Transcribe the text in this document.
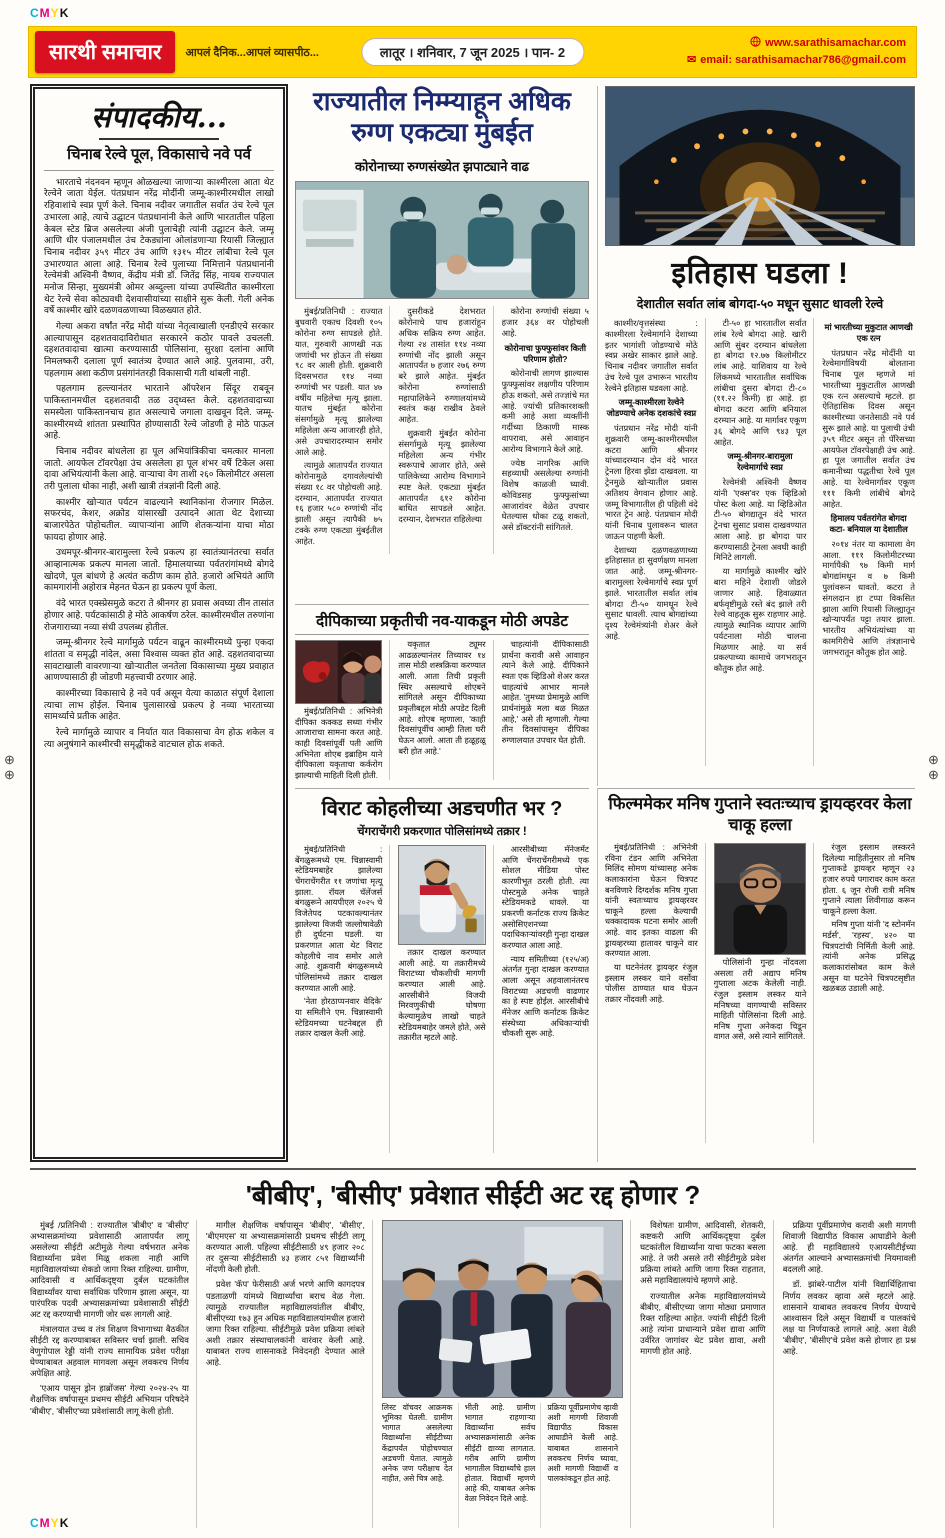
CMYK
CMYK
⊕
⊕
⊕
⊕
सारथी समाचार	आपलं दैनिक...आपलं व्यासपीठ...	लातूर । शनिवार, 7 जून 2025 । पान- 2
www.sarathisamachar.com
✉ email: sarathisamachar786@gmail.com
संपादकीय...
चिनाब रेल्वे पूल, विकासाचे नवे पर्व

भारताचे नंदनवन म्हणून ओळखल्या जाणाऱ्या काश्मीरला आता थेट रेल्वेने जाता येईल. पंतप्रधान नरेंद्र मोदींनी जम्मू-काश्मीरमधील लाखो रहिवाशांचे स्वप्न पूर्ण केले. चिनाब नदीवर जगातील सर्वात उंच रेल्वे पूल उभारला आहे, त्याचे उद्घाटन पंतप्रधानांनी केले आणि भारतातील पहिला केबल स्टेड ब्रिज असलेल्या अंजी पुलाचेही त्यांनी उद्घाटन केले. जम्मू आणि धीर पंजालमधील उंच टेकड्यांना ओलांडणाऱ्या रियासी जिल्ह्यात चिनाब नदीवर ३५९ मीटर उंच आणि १३१५ मीटर लांबीचा रेल्वे पूल उभारण्यात आला आहे. चिनाब रेल्वे पुलाच्या निमित्ताने पंतप्रधानांनी रेल्वेमंत्री अश्विनी वैष्णव, केंद्रीय मंत्री डॉ. जितेंद्र सिंह, नायब राज्यपाल मनोज सिन्हा, मुख्यमंत्री ओमर अब्दुल्ला यांच्या उपस्थितीत काश्मीरला थेट रेल्वे सेवा कोट्यवधी देशवासीयांच्या साक्षीने सुरू केली. गेली अनेक वर्षे काश्मीर खोरे दळणवळणाच्या विळख्यात होते.

गेल्या अकरा वर्षांत नरेंद्र मोदी यांच्या नेतृत्वाखाली एनडीएचे सरकार आल्यापासून दहशतवादाविरोधात सरकारने कठोर पावले उचलली. दहशतवादाचा खात्मा करण्यासाठी पोलिसांना, सुरक्षा दलांना आणि निमलष्करी दलाला पूर्ण स्वातंत्र्य देण्यात आले आहे. पुलवामा, उरी, पहलगाम अशा कठीण प्रसंगांनंतरही विकासाची गती थांबली नाही.

पहलगाम हल्ल्यानंतर भारताने ऑपरेशन सिंदूर राबवून पाकिस्तानमधील दहशतवादी तळ उद्ध्वस्त केले. दहशतवादाच्या समस्येला पाकिस्तानचाच हात असल्याचे जगाला दाखवून दिले. जम्मू-काश्मीरमध्ये शांतता प्रस्थापित होण्यासाठी रेल्वे जोडणी हे मोठे पाऊल आहे.

चिनाब नदीवर बांधलेला हा पूल अभियांत्रिकीचा चमत्कार मानला जातो. आयफेल टॉवरपेक्षा उंच असलेला हा पूल शंभर वर्षे टिकेल असा दावा अभियंत्यांनी केला आहे. वाऱ्याचा वेग ताशी २६० किलोमीटर असला तरी पुलाला धोका नाही, अशी खात्री तंत्रज्ञांनी दिली आहे.

काश्मीर खोऱ्यात पर्यटन वाढल्याने स्थानिकांना रोजगार मिळेल. सफरचंद, केशर, अक्रोड यांसारखी उत्पादने आता थेट देशाच्या बाजारपेठेत पोहोचतील. व्यापाऱ्यांना आणि शेतकऱ्यांना याचा मोठा फायदा होणार आहे.

उधमपूर-श्रीनगर-बारामुल्ला रेल्वे प्रकल्प हा स्वातंत्र्यानंतरचा सर्वात आव्हानात्मक प्रकल्प मानला जातो. हिमालयाच्या पर्वतरांगांमध्ये बोगदे खोदणे, पूल बांधणे हे अत्यंत कठीण काम होते. हजारो अभियंते आणि कामगारांनी अहोरात्र मेहनत घेऊन हा प्रकल्प पूर्ण केला.

वंदे भारत एक्स्प्रेसमुळे कटरा ते श्रीनगर हा प्रवास अवघ्या तीन तासांत होणार आहे. पर्यटकांसाठी हे मोठे आकर्षण ठरेल. काश्मीरमधील तरुणांना रोजगाराच्या नव्या संधी उपलब्ध होतील.

जम्मू-श्रीनगर रेल्वे मार्गामुळे पर्यटन वाढून काश्मीरमध्ये पुन्हा एकदा शांतता व समृद्धी नांदेल, असा विश्वास व्यक्त होत आहे. दहशतवादाच्या सावटाखाली वावरणाऱ्या खोऱ्यातील जनतेला विकासाच्या मुख्य प्रवाहात आणण्यासाठी ही जोडणी महत्त्वाची ठरणार आहे.

काश्मीरच्या विकासाचे हे नवे पर्व असून येत्या काळात संपूर्ण देशाला त्याचा लाभ होईल. चिनाब पुलासारखे प्रकल्प हे नव्या भारताच्या सामर्थ्याचे प्रतीक आहेत.

रेल्वे मार्गामुळे व्यापार व निर्यात यात विकासाचा वेग होऊ शकेल व त्या अनुषंगाने काश्मीरची समृद्धीकडे वाटचाल होऊ शकते.

राज्यातील निम्म्याहून अधिक रुग्ण एकट्या मुंबईत
कोरोनाच्या रुग्णसंख्येत झपाट्याने वाढ

मुंबई/प्रतिनिधी : राज्यात बुधवारी एकाच दिवशी १०५ कोरोना रुग्ण सापडले होते. यात, गुरुवारी आणखी नऊ जणांची भर होऊन ती संख्या ९८ वर आली होती. शुक्रवारी दिवसभरात ११४ नव्या रुग्णांची भर पडली. यात ४७ वर्षीय महिलेचा मृत्यू झाला. यातच मुंबईत कोरोना संसर्गामुळे मृत्यू झालेल्या महिलेला अन्य आजारही होते, असे उपचारादरम्यान समोर आले आहे.

त्यामुळे आतापर्यंत राज्यात कोरोनामुळे दगावलेल्यांची संख्या १८ वर पोहोचली आहे. दरम्यान, आतापर्यंत राज्यात १६ हजार ५८० रुग्णांची नोंद झाली असून त्यापैकी ७५ टक्के रुग्ण एकट्या मुंबईतील आहेत.

दुसरीकडे देशभरात कोरोनाचे पाच हजारांहून अधिक सक्रिय रुग्ण आहेत. गेल्या २४ तासांत ११४ नव्या रुग्णांची नोंद झाली असून आतापर्यंत ७ हजार २७६ रुग्ण बरे झाले आहेत. मुंबईत कोरोना रुग्णांसाठी महापालिकेने रुग्णालयांमध्ये स्वतंत्र कक्ष राखीव ठेवले आहेत.

शुक्रवारी मुंबईत कोरोना संसर्गामुळे मृत्यू झालेल्या महिलेला अन्य गंभीर स्वरूपाचे आजार होते, असे पालिकेच्या आरोग्य विभागाने स्पष्ट केले. एकट्या मुंबईत आतापर्यंत ६१२ कोरोना बाधित सापडले आहेत. दरम्यान, देशभरात राहिलेल्या

कोरोना रुग्णांची संख्या ५ हजार ३६४ वर पोहोचली आहे.

कोरोनाचा फुफ्फुसांवर किती परिणाम होतो?

कोरोनाची लागण झाल्यास फुफ्फुसांवर लक्षणीय परिणाम होऊ शकतो, असे तज्ज्ञांचे मत आहे. ज्यांची प्रतिकारशक्ती कमी आहे अशा व्यक्तींनी गर्दीच्या ठिकाणी मास्क वापरावा, असे आवाहन आरोग्य विभागाने केले आहे.

ज्येष्ठ नागरिक आणि सहव्याधी असलेल्या रुग्णांनी विशेष काळजी घ्यावी. कोविडसह फुफ्फुसांच्या आजारांवर वेळेत उपचार घेतल्यास धोका टळू शकतो, असे डॉक्टरांनी सांगितले.

इतिहास घडला !
देशातील सर्वात लांब बोगदा-५० मधून सुसाट धावली रेल्वे

काश्मीर/वृत्तसंस्था : काश्मीरला रेल्वेमार्गाने देशाच्या इतर भागांशी जोडण्याचे मोठे स्वप्न अखेर साकार झाले आहे. चिनाब नदीवर जगातील सर्वात उंच रेल्वे पूल उभारून भारतीय रेल्वेने इतिहास घडवला आहे.

जम्मू-काश्मीरला रेल्वेने जोडण्याचे अनेक दशकांचे स्वप्न

पंतप्रधान नरेंद्र मोदी यांनी शुक्रवारी जम्मू-काश्मीरमधील कटरा आणि श्रीनगर यांच्यादरम्यान दोन वंदे भारत ट्रेनला हिरवा झेंडा दाखवला. या ट्रेनमुळे खोऱ्यातील प्रवास अतिशय वेगवान होणार आहे. जम्मू विभागातील ही पहिली वंदे भारत ट्रेन आहे. पंतप्रधान मोदी यांनी चिनाब पुलावरून चालत जाऊन पाहणी केली.

देशाच्या दळणवळणाच्या इतिहासात हा सुवर्णक्षण मानला जात आहे. जम्मू-श्रीनगर-बारामुल्ला रेल्वेमार्गाचे स्वप्न पूर्ण झाले. भारतातील सर्वात लांब बोगदा टी-५० यामधून रेल्वे सुसाट धावली. त्याच बोगद्यांच्या दृश्य रेल्वेमंत्र्यांनी शेअर केले आहे.

टी-५० हा भारतातील सर्वात लांब रेल्वे बोगदा आहे. खारी आणि सुंबर दरम्यान बांधलेला हा बोगदा १२.७७ किलोमीटर लांब आहे. याशिवाय या रेल्वे लिंकमध्ये भारतातील सर्वाधिक लांबीचा दुसरा बोगदा टी-८० (११.२२ किमी) हा आहे. हा बोगदा कटरा आणि बनियाल दरम्यान आहे. या मार्गावर एकूण ३६ बोगदे आणि ९४३ पूल आहेत.

जम्मू-श्रीनगर-बारामुला रेल्वेमार्गाचे स्वप्न

रेल्वेमंत्री अश्विनी वैष्णव यांनी 'एक्स'वर एक व्हिडिओ पोस्ट केला आहे. या व्हिडिओत टी-५० बोगद्यातून वंदे भारत ट्रेनचा सुसाट प्रवास दाखवण्यात आला आहे. हा बोगदा पार करण्यासाठी ट्रेनला अवघी काही मिनिटे लागली.

या मार्गामुळे काश्मीर खोरे बारा महिने देशाशी जोडले जाणार आहे. हिवाळ्यात बर्फवृष्टीमुळे रस्ते बंद झाले तरी रेल्वे वाहतूक सुरू राहणार आहे. त्यामुळे स्थानिक व्यापार आणि पर्यटनाला मोठी चालना मिळणार आहे. या सर्व प्रकल्पाच्या कामाचे जगभरातून कौतुक होत आहे.

मां भारतीच्या मुकुटात आणखी एक रत्न

पंतप्रधान नरेंद्र मोदींनी या रेल्वेमार्गाविषयी बोलताना चिनाब पूल म्हणजे मां भारतीच्या मुकुटातील आणखी एक रत्न असल्याचे म्हटले. हा ऐतिहासिक दिवस असून काश्मीरच्या जनतेसाठी नवे पर्व सुरू झाले आहे. या पुलाची उंची ३५९ मीटर असून तो पॅरिसच्या आयफेल टॉवरपेक्षाही उंच आहे. हा पूल जगातील सर्वात उंच कमानीच्या पद्धतीचा रेल्वे पूल आहे. या रेल्वेमार्गावर एकूण १११ किमी लांबीचे बोगदे आहेत.

हिमालय पर्वतरांगेत बोगदा कटा- बनियाल या देशातील

२०१४ नंतर या कामाला वेग आला. १११ किलोमीटरच्या मार्गापैकी ९७ किमी मार्ग बोगद्यांमधून व ७ किमी पुलांवरून धावतो. कटरा ते संगलदान हा टप्पा विकसित झाला आणि रियासी जिल्ह्यातून खोऱ्यापर्यंत पट्टा तयार झाला. भारतीय अभियंत्यांच्या या कामगिरीचे आणि तंत्रज्ञानाचे जगभरातून कौतुक होत आहे.

दीपिकाच्या प्रकृतीची नव-याकडून मोठी अपडेट

मुंबई/प्रतिनिधी : अभिनेत्री दीपिका कक्कड सध्या गंभीर आजाराचा सामना करत आहे. काही दिवसांपूर्वी पती आणि अभिनेता शोएब इब्राहिम याने दीपिकाला यकृताचा कर्करोग झाल्याची माहिती दिली होती.

यकृतात ट्यूमर आढळल्यानंतर तिच्यावर १४ तास मोठी शस्त्रक्रिया करण्यात आली. आता तिची प्रकृती स्थिर असल्याचे शोएबने सांगितले असून दीपिकाच्या प्रकृतीबद्दल मोठी अपडेट दिली आहे. शोएब म्हणाला, 'काही दिवसांपूर्वीच आम्ही तिला घरी घेऊन आलो. आता ती हळूहळू बरी होत आहे.'

चाहत्यांनी दीपिकासाठी प्रार्थना करावी असे आवाहन त्याने केले आहे. दीपिकाने स्वतः एक व्हिडिओ शेअर करत चाहत्यांचे आभार मानले आहेत. 'तुमच्या प्रेमामुळे आणि प्रार्थनांमुळे मला बळ मिळत आहे,' असे ती म्हणाली. गेल्या तीन दिवसांपासून दीपिका रुग्णालयात उपचार घेत होती.

विराट कोहलीच्या अडचणीत भर ?
चेंगराचेंगरी प्रकरणात पोलिसांमध्ये तक्रार !

मुंबई/प्रतिनिधी : बेंगळुरूमध्ये एम. चिन्नास्वामी स्टेडियमबाहेर झालेल्या चेंगराचेंगरीत ११ जणांचा मृत्यू झाला. रॉयल चॅलेंजर्स बंगळुरूने आयपीएल २०२५ चे विजेतेपद पटकावल्यानंतर झालेल्या विजयी जल्लोषावेळी ही दुर्घटना घडली. या प्रकरणात आता थेट विराट कोहलीचे नाव समोर आले आहे. शुक्रवारी बंगळुरूमध्ये पोलिसांमध्ये तक्रार दाखल करण्यात आली आहे.

'नेता होरठाप्पनवार वेदिके' या समितीने एम. चिन्नास्वामी स्टेडियमच्या घटनेबद्दल ही तक्रार दाखल केली आहे.

तक्रार दाखल करण्यात आली आहे. या तक्रारीमध्ये विराटच्या चौकशीची मागणी करण्यात आली आहे. आरसीबीने विजयी मिरवणुकीची घोषणा केल्यामुळेच लाखो चाहते स्टेडियमबाहेर जमले होते, असे तक्रारीत म्हटले आहे.

आरसीबीच्या मॅनेजमेंट आणि चेंगराचेंगरीमध्ये एक सोशल मीडिया पोस्ट कारणीभूत ठरली होती. त्या पोस्टमुळे अनेक चाहते स्टेडियमकडे धावले. या प्रकरणी कर्नाटक राज्य क्रिकेट असोसिएशनच्या पदाधिकाऱ्यांवरही गुन्हा दाखल करण्यात आला आहे.

न्याय समितीच्या (१२५/अ) अंतर्गत गुन्हा दाखल करण्यात आला असून अहवालानंतरच विराटच्या अडचणी वाढणार का हे स्पष्ट होईल. आरसीबीचे मॅनेजर आणि कर्नाटक क्रिकेट संस्थेच्या अधिकाऱ्यांची चौकशी सुरू आहे.

फिल्ममेकर मनिष गुप्ताने स्वतःच्याच ड्रायव्हरवर केला चाकू हल्ला

मुंबई/प्रतिनिधी : अभिनेत्री रविना टंडन आणि अभिनेता मिलिंद सोमण यांच्यासह अनेक कलाकारांना घेऊन चित्रपट बनविणारे दिग्दर्शक मनिष गुप्ता यांनी स्वतःच्याच ड्रायव्हरवर चाकूने हल्ला केल्याची धक्कादायक घटना समोर आली आहे. वाद इतका वाढला की ड्रायव्हरच्या हातावर चाकूने वार करण्यात आला.

या घटनेनंतर ड्रायव्हर रंजुल इस्लाम लस्कर याने वर्सोवा पोलीस ठाण्यात धाव घेऊन तक्रार नोंदवली आहे.

पोलिसांनी गुन्हा नोंदवला असला तरी अद्याप मनिष गुप्ताला अटक केलेली नाही. रंजुल इस्लाम लस्कर याने मनिषच्या वागण्याची सविस्तर माहिती पोलिसांना दिली आहे. मनिष गुप्ता अनेकदा चिडून वागत असे, असे त्याने सांगितले.

रंजुल इस्लाम लस्करने दिलेल्या माहितीनुसार तो मनिष गुप्ताकडे ड्रायव्हर म्हणून २३ हजार रुपये पगारावर काम करत होता. ६ जून रोजी रात्री मनिष गुप्ताने त्याला शिवीगाळ करून चाकूने हल्ला केला.

मनिष गुप्ता यांनी 'द स्टोनमॅन मर्डर्स', 'रहस्य', ४२० या चित्रपटांची निर्मिती केली आहे. त्यांनी अनेक प्रसिद्ध कलाकारांसोबत काम केले असून या घटनेने चित्रपटसृष्टीत खळबळ उडाली आहे.

'बीबीए', 'बीसीए' प्रवेशात सीईटी अट रद्द होणार ?

मुंबई /प्रतिनिधी : राज्यातील 'बीबीए' व 'बीसीए' अभ्यासक्रमांच्या प्रवेशासाठी आतापर्यंत लागू असलेल्या सीईटी अटीमुळे गेल्या वर्षभरात अनेक विद्यार्थ्यांना प्रवेश मिळू शकला नाही आणि महाविद्यालयांच्या शेकडो जागा रिक्त राहिल्या. ग्रामीण, आदिवासी व आर्थिकदृष्ट्या दुर्बल घटकांतील विद्यार्थ्यांवर याचा सर्वाधिक परिणाम झाला असून, या पारंपरिक पदवी अभ्यासक्रमांच्या प्रवेशासाठी सीईटी अट रद्द करण्याची मागणी जोर धरू लागली आहे.

मंत्रालयात उच्च व तंत्र शिक्षण विभागाच्या बैठकीत सीईटी रद्द करण्याबाबत सविस्तर चर्चा झाली. सचिव वेणुगोपाल रेड्डी यांनी राज्य सामायिक प्रवेश परीक्षा घेण्याबाबत अहवाल मागवला असून लवकरच निर्णय अपेक्षित आहे.

'एआय पासून ड्रोन हाब्रोंजस' गेल्या २०२४-२५ या शैक्षणिक वर्षापासून प्रथमच सीईटी अभियान परिषदेने 'बीबीए', 'बीसीए'च्या प्रवेशांसाठी लागू केली होती.

मागील शैक्षणिक वर्षापासून 'बीबीए', 'बीसीए', 'बीएमएस' या अभ्यासक्रमांसाठी प्रथमच सीईटी लागू करण्यात आली. पहिल्या सीईटीसाठी ४९ हजार २०८ तर दुसऱ्या सीईटीसाठी ४३ हजार ८५१ विद्यार्थ्यांनी नोंदणी केली होती.

प्रवेश 'कॅप' फेरीसाठी अर्ज भरणे आणि कागदपत्र पडताळणी यांमध्ये विद्यार्थ्यांचा बराच वेळ गेला. त्यामुळे राज्यातील महाविद्यालयांतील बीबीए, बीसीएच्या १७३ हून अधिक महाविद्यालयांमधील हजारो जागा रिक्त राहिल्या. सीईटीमुळे प्रवेश प्रक्रिया लांबते अशी तक्रार संस्थाचालकांनी वारंवार केली आहे. याबाबत राज्य शासनाकडे निवेदनही देण्यात आले आहे.

लिस्ट वॉचवर आक्रमक भूमिका घेतली. ग्रामीण भागात असलेल्या विद्यार्थ्यांना सीईटीच्या केंद्रापर्यंत पोहोचण्यात अडचणी येतात. त्यामुळे अनेक जण परीक्षाच देत नाहीत, असे चित्र आहे.

भीती आहे. ग्रामीण भागात राहणाऱ्या विद्यार्थ्यांना सर्वच अभ्यासक्रमांसाठी अनेक सीईटी द्याव्या लागतात. गरीब आणि ग्रामीण भागातील विद्यार्थ्यांचे हाल होतात. विद्यार्थी म्हणणे आहे की, याबाबत अनेक वेळा निवेदन दिले आहे.

प्रक्रिया पूर्वीप्रमाणेच व्हावी अशी मागणी शिवाजी विद्यापीठ विकास आघाडीने केली आहे. याबाबत शासनाने लवकरच निर्णय घ्यावा, अशी मागणी विद्यार्थी व पालकांकडून होत आहे.

विशेषतः ग्रामीण, आदिवासी, शेतकरी, कष्टकरी आणि आर्थिकदृष्ट्या दुर्बल घटकांतील विद्यार्थ्यांना याचा फटका बसला आहे. ते जरी असले तरी सीईटीमुळे प्रवेश प्रक्रिया लांबते आणि जागा रिक्त राहतात, असे महाविद्यालयांचे म्हणणे आहे.

राज्यातील अनेक महाविद्यालयांमध्ये बीबीए, बीसीएच्या जागा मोठ्या प्रमाणात रिक्त राहिल्या आहेत. ज्यांनी सीईटी दिली आहे त्यांना प्राधान्याने प्रवेश द्यावा आणि उर्वरित जागांवर थेट प्रवेश द्यावा, अशी मागणी होत आहे.

प्रक्रिया पूर्वीप्रमाणेच करावी अशी मागणी शिवाजी विद्यापीठ विकास आघाडीने केली आहे. ही महाविद्यालये एआयसीटीईच्या अंतर्गत आल्याने अभ्यासक्रमांची नियमावली बदलली आहे.

डॉ. झांबरे-पाटील यांनी विद्यार्थिहिताचा निर्णय लवकर व्हावा असे म्हटले आहे. शासनाने याबाबत लवकरच निर्णय घेण्याचे आश्वासन दिले असून विद्यार्थी व पालकांचे लक्ष या निर्णयाकडे लागले आहे. अशा वेळी 'बीबीए', 'बीसीए'चे प्रवेश कसे होणार हा प्रश्न आहे.
